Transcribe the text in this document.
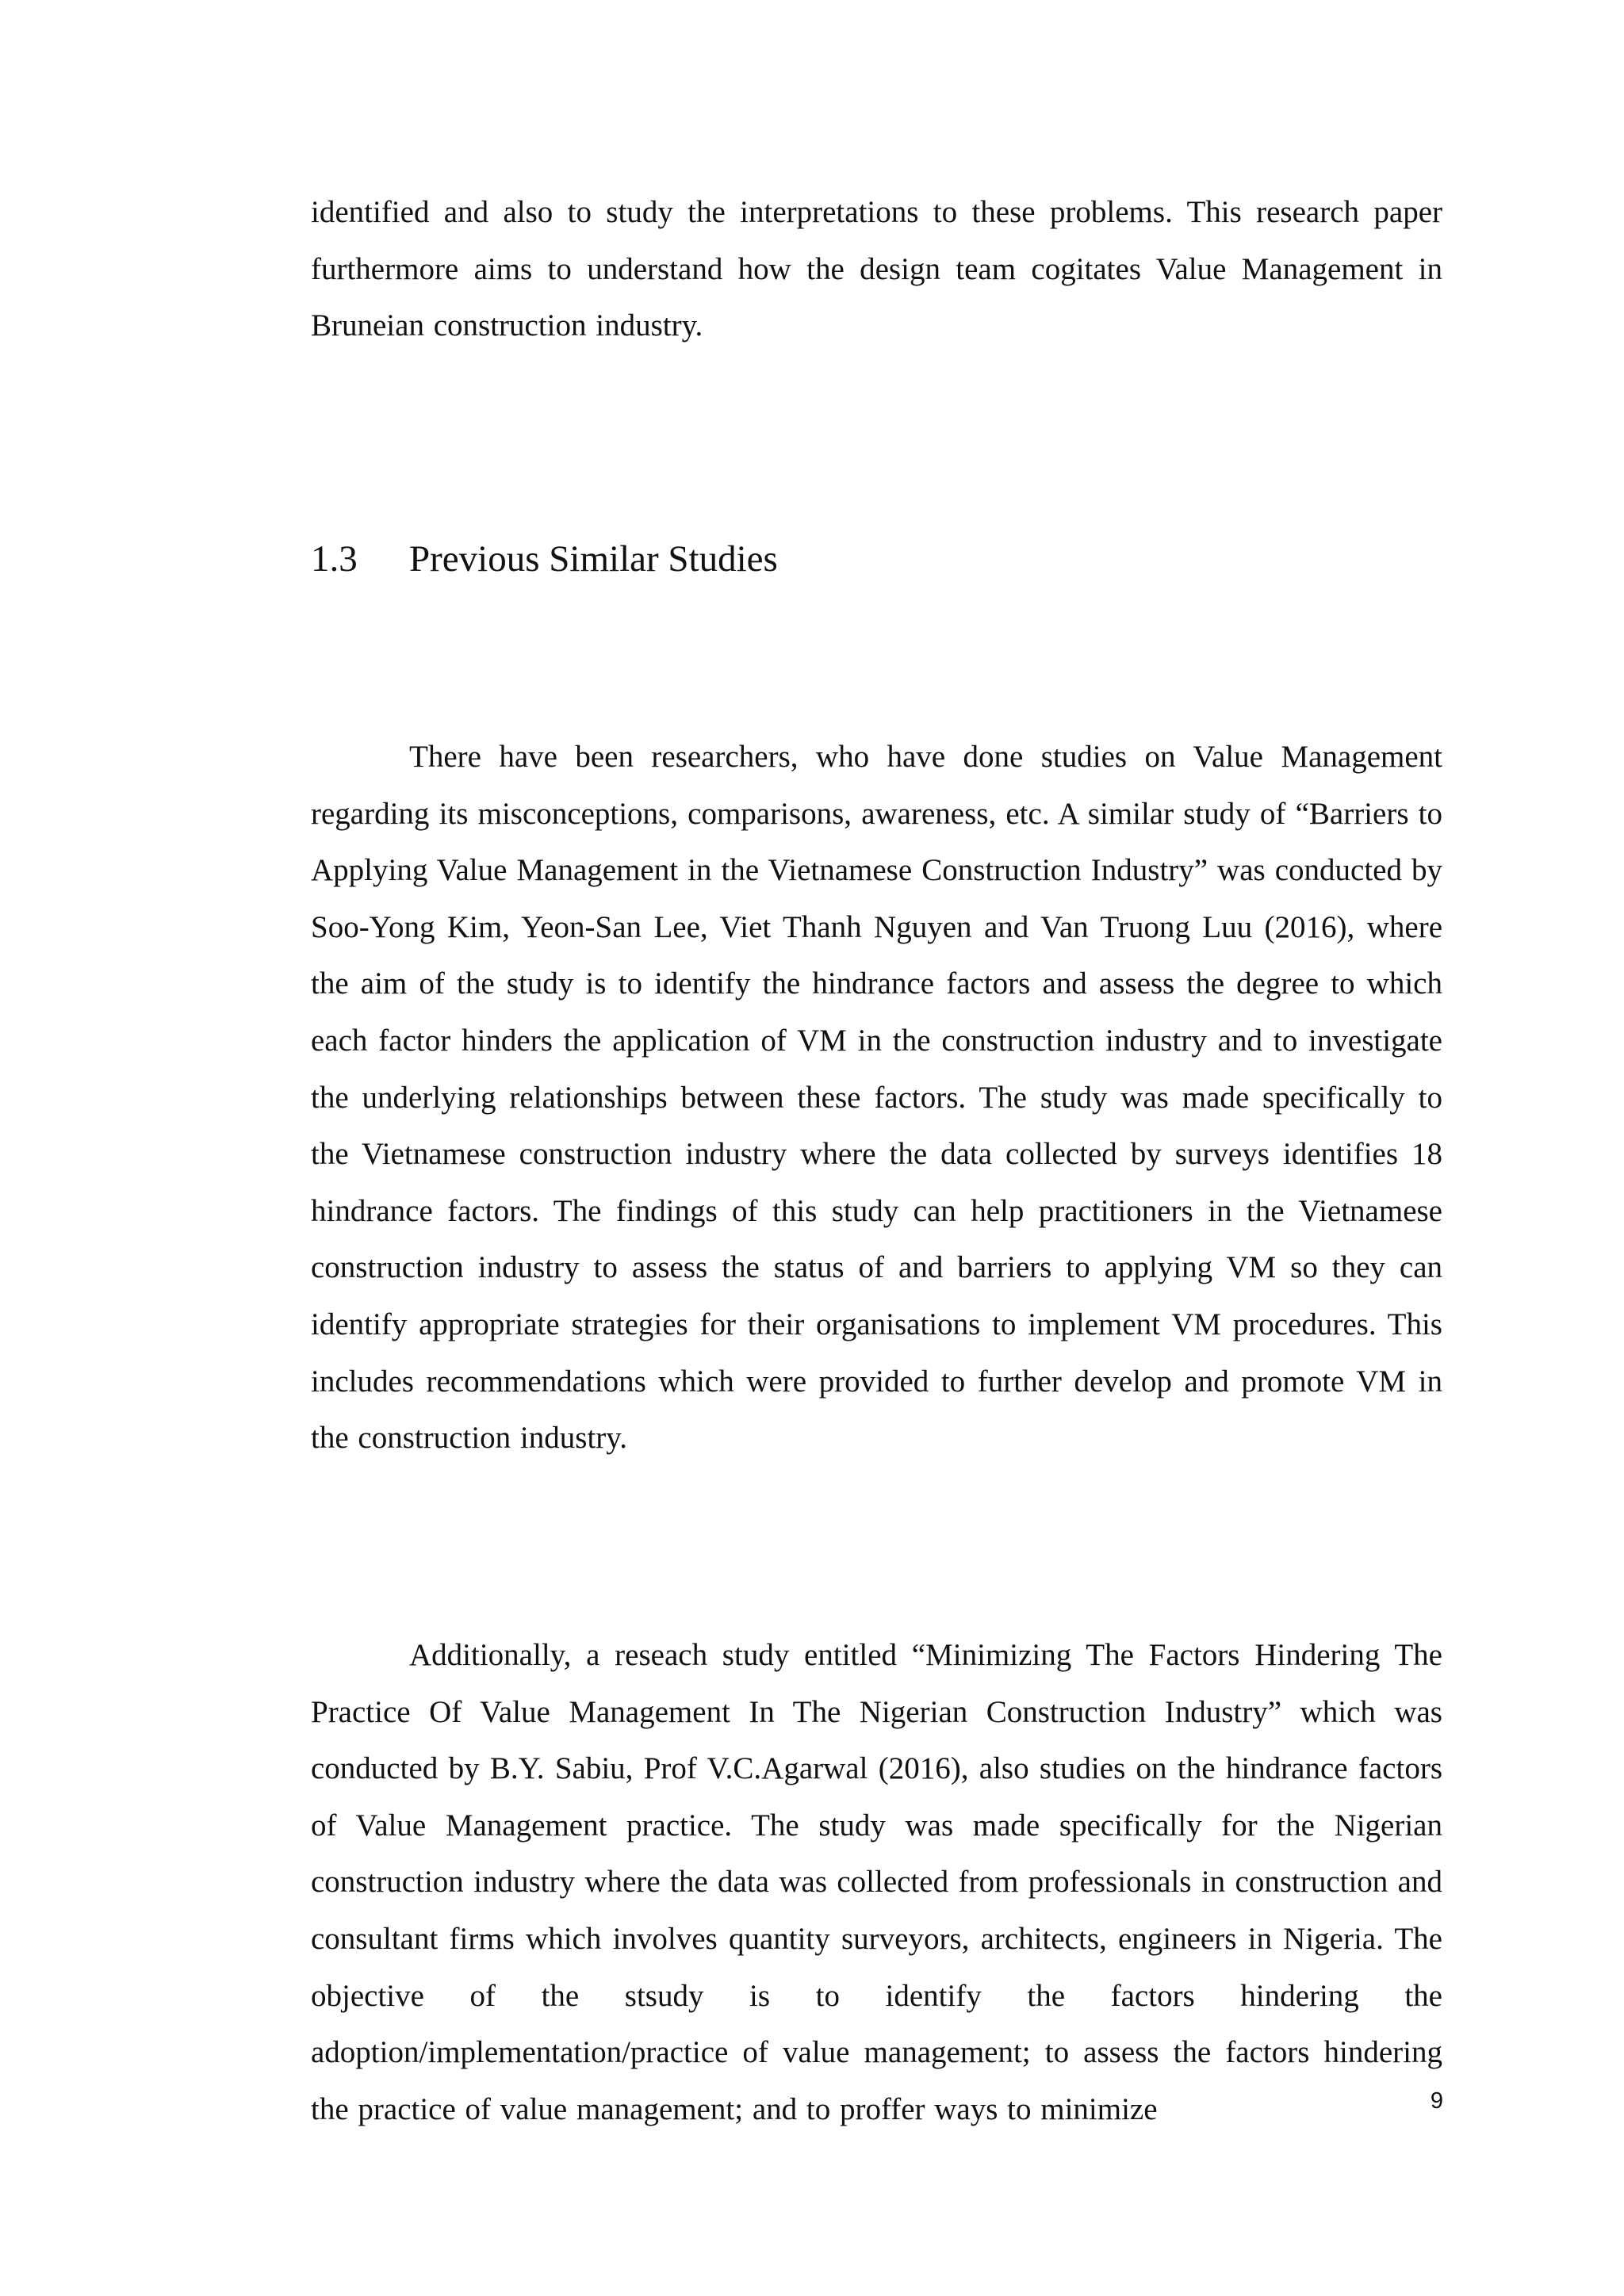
identified and also to study the interpretations to these problems. This research paper furthermore aims to understand how the design team cogitates Value Management in Bruneian construction industry.

1.3 Previous Similar Studies

There have been researchers, who have done studies on Value Management regarding its misconceptions, comparisons, awareness, etc. A similar study of “Barriers to Applying Value Management in the Vietnamese Construction Industry” was conducted by Soo-Yong Kim, Yeon-San Lee, Viet Thanh Nguyen and Van Truong Luu (2016), where the aim of the study is to identify the hindrance factors and assess the degree to which each factor hinders the application of VM in the construction industry and to investigate the underlying relationships between these factors. The study was made specifically to the Vietnamese construction industry where the data collected by surveys identifies 18 hindrance factors. The findings of this study can help practitioners in the Vietnamese construction industry to assess the status of and barriers to applying VM so they can identify appropriate strategies for their organisations to implement VM procedures. This includes recommendations which were provided to further develop and promote VM in the construction industry.

Additionally, a reseach study entitled “Minimizing The Factors Hindering The Practice Of Value Management In The Nigerian Construction Industry” which was conducted by B.Y. Sabiu, Prof V.C.Agarwal (2016), also studies on the hindrance factors of Value Management practice. The study was made specifically for the Nigerian construction industry where the data was collected from professionals in construction and consultant firms which involves quantity surveyors, architects, engineers in Nigeria. The objective of the stsudy is to identify the factors hindering the adoption/implementation/practice of value management; to assess the factors hindering the practice of value management; and to proffer ways to minimize	9
